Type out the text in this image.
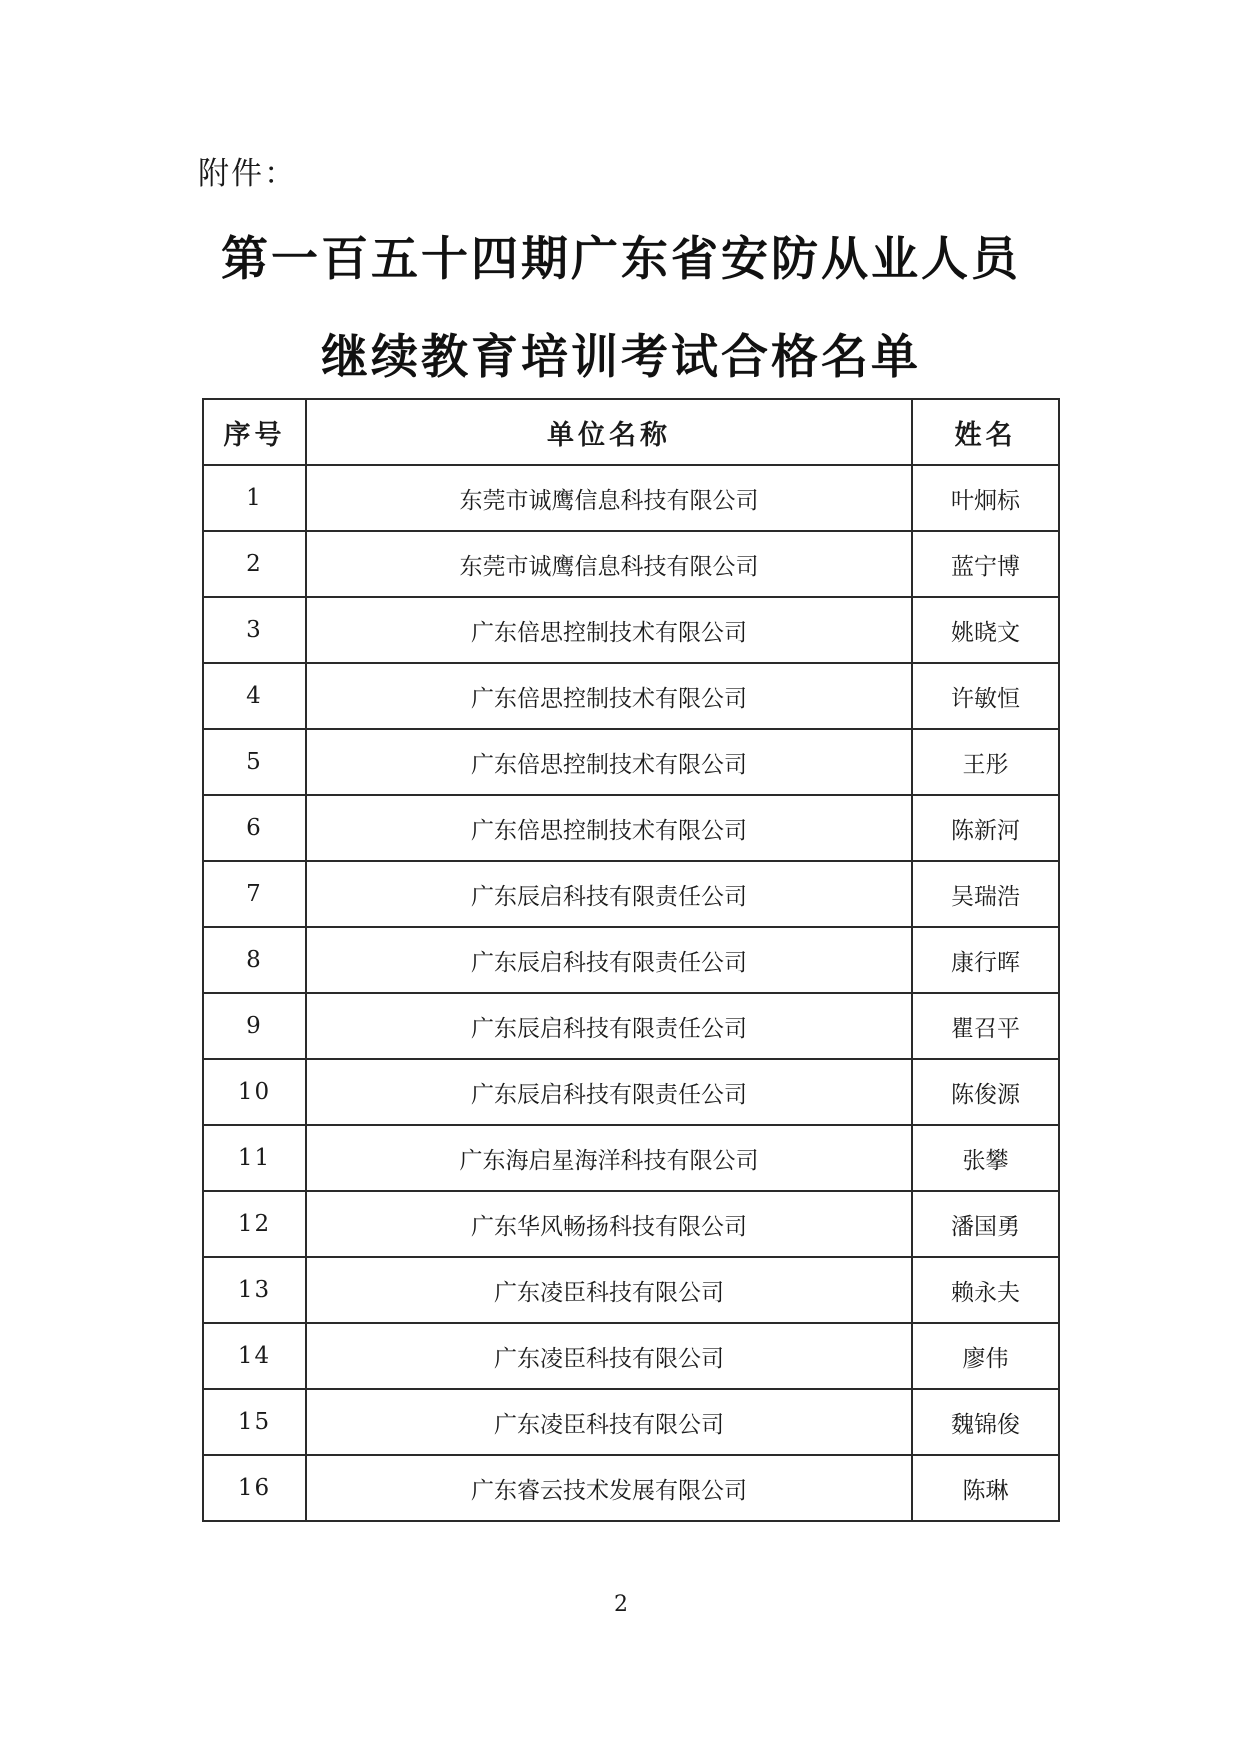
附件：
第一百五十四期广东省安防从业人员
继续教育培训考试合格名单
序号	单位名称	姓名
1	东莞市诚鹰信息科技有限公司	叶炯标
2	东莞市诚鹰信息科技有限公司	蓝宁博
3	广东倍思控制技术有限公司	姚晓文
4	广东倍思控制技术有限公司	许敏恒
5	广东倍思控制技术有限公司	王彤
6	广东倍思控制技术有限公司	陈新河
7	广东辰启科技有限责任公司	吴瑞浩
8	广东辰启科技有限责任公司	康行晖
9	广东辰启科技有限责任公司	瞿召平
10	广东辰启科技有限责任公司	陈俊源
11	广东海启星海洋科技有限公司	张攀
12	广东华风畅扬科技有限公司	潘国勇
13	广东凌臣科技有限公司	赖永夫
14	广东凌臣科技有限公司	廖伟
15	广东凌臣科技有限公司	魏锦俊
16	广东睿云技术发展有限公司	陈琳
2
